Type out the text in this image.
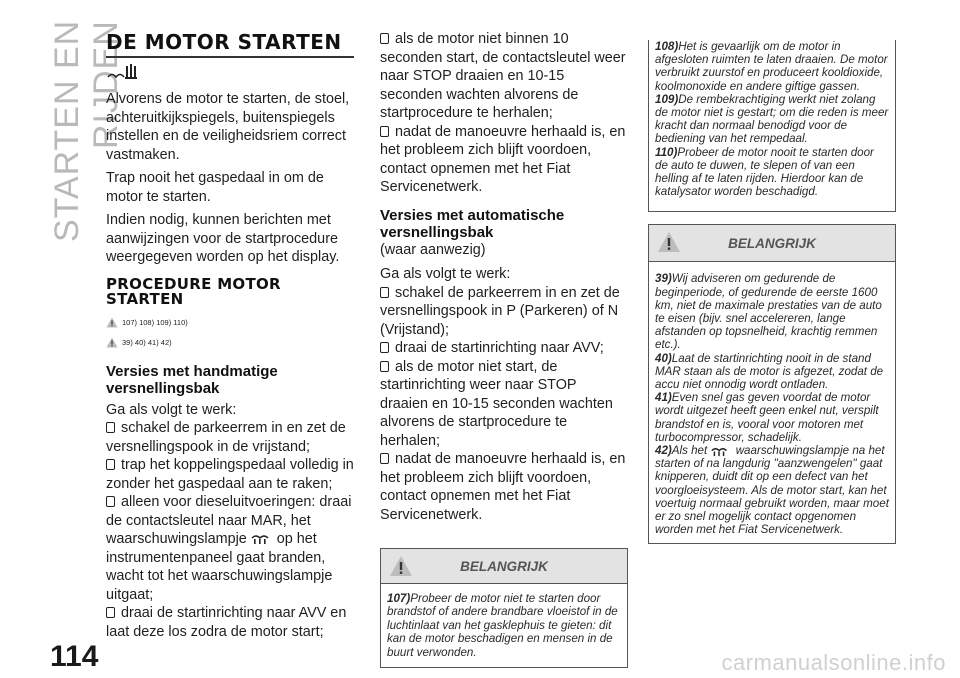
STARTEN EN RIJDEN
114	carmanualsonline.info
DE MOTOR STARTEN

Alvorens de motor te starten, de stoel, achteruitkijkspiegels, buitenspiegels instellen en de veiligheidsriem correct vastmaken.

Trap nooit het gaspedaal in om de motor te starten.

Indien nodig, kunnen berichten met aanwijzingen voor de startprocedure weergegeven worden op het display.

PROCEDURE MOTOR STARTEN
107) 108) 109) 110)
39) 40) 41) 42)
Versies met handmatige versnellingsbak

Ga als volgt te werk:

schakel de parkeerrem in en zet de versnellingspook in de vrijstand;
trap het koppelingspedaal volledig in zonder het gaspedaal aan te raken;
alleen voor dieseluitvoeringen: draai de contactsleutel naar MAR, het waarschuwingslampje op het instrumentenpaneel gaat branden, wacht tot het waarschuwingslampje uitgaat;
draai de startinrichting naar AVV en laat deze los zodra de motor start;
als de motor niet binnen 10 seconden start, de contactsleutel weer naar STOP draaien en 10-15 seconden wachten alvorens de startprocedure te herhalen;
nadat de manoeuvre herhaald is, en het probleem zich blijft voordoen, contact opnemen met het Fiat Servicenetwerk.
Versies met automatische versnellingsbak

(waar aanwezig)

Ga als volgt te werk:

schakel de parkeerrem in en zet de versnellingspook in P (Parkeren) of N (Vrijstand);
draai de startinrichting naar AVV;
als de motor niet start, de startinrichting weer naar STOP draaien en 10-15 seconden wachten alvorens de startprocedure te herhalen;
nadat de manoeuvre herhaald is, en het probleem zich blijft voordoen, contact opnemen met het Fiat Servicenetwerk.
BELANGRIJK
107)Probeer de motor niet te starten door brandstof of andere brandbare vloeistof in de luchtinlaat van het gasklephuis te gieten: dit kan de motor beschadigen en mensen in de buurt verwonden.
108)Het is gevaarlijk om de motor in afgesloten ruimten te laten draaien. De motor verbruikt zuurstof en produceert kooldioxide, koolmonoxide en andere giftige gassen.
109)De rembekrachtiging werkt niet zolang de motor niet is gestart; om die reden is meer kracht dan normaal benodigd voor de bediening van het rempedaal.
110)Probeer de motor nooit te starten door de auto te duwen, te slepen of van een helling af te laten rijden. Hierdoor kan de katalysator worden beschadigd.
BELANGRIJK
39)Wij adviseren om gedurende de beginperiode, of gedurende de eerste 1600 km, niet de maximale prestaties van de auto te eisen (bijv. snel accelereren, lange afstanden op topsnelheid, krachtig remmen etc.).
40)Laat de startinrichting nooit in de stand MAR staan als de motor is afgezet, zodat de accu niet onnodig wordt ontladen.
41)Even snel gas geven voordat de motor wordt uitgezet heeft geen enkel nut, verspilt brandstof en is, vooral voor motoren met turbocompressor, schadelijk.
42)Als het waarschuwingslampje na het starten of na langdurig "aanzwengelen" gaat knipperen, duidt dit op een defect van het voorgloeisysteem. Als de motor start, kan het voertuig normaal gebruikt worden, maar moet er zo snel mogelijk contact opgenomen worden met het Fiat Servicenetwerk.
